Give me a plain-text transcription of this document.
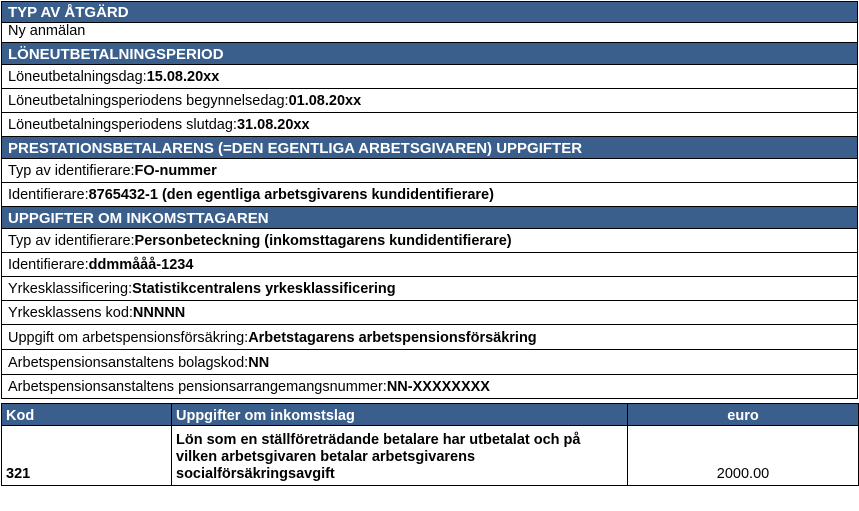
TYP AV ÅTGÄRD
Ny anmälan
LÖNEUTBETALNINGSPERIOD
Löneutbetalningsdag: 15.08.20xx
Löneutbetalningsperiodens begynnelsedag: 01.08.20xx
Löneutbetalningsperiodens slutdag: 31.08.20xx
PRESTATIONSBETALARENS (=DEN EGENTLIGA ARBETSGIVAREN) UPPGIFTER
Typ av identifierare: FO-nummer
Identifierare: 8765432-1 (den egentliga arbetsgivarens kundidentifierare)
UPPGIFTER OM INKOMSTTAGAREN
Typ av identifierare: Personbeteckning (inkomsttagarens kundidentifierare)
Identifierare: ddmmååå-1234
Yrkesklassificering: Statistikcentralens yrkesklassificering
Yrkesklassens kod: NNNNN
Uppgift om arbetspensionsförsäkring: Arbetstagarens arbetspensionsförsäkring
Arbetspensionsanstaltens bolagskod: NN
Arbetspensionsanstaltens pensionsarrangemangsnummer: NN-XXXXXXXX
Kod	Uppgifter om inkomstslag	euro
321	Lön som en ställföreträdande betalare har utbetalat och på vilken arbetsgivaren betalar arbetsgivarens socialförsäkringsavgift	2000.00
